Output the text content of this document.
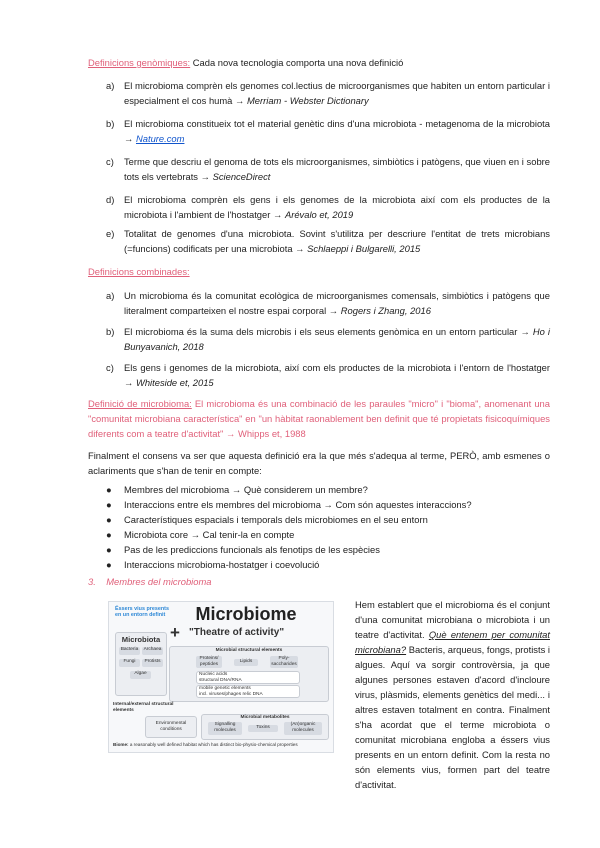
Definicions genòmiques: Cada nova tecnologia comporta una nova definició
a) El microbioma comprèn els genomes col.lectius de microorganismes que habiten un entorn particular i especialment el cos humà → Merriam - Webster Dictionary
b) El microbioma constitueix tot el material genètic dins d'una microbiota - metagenoma de la microbiota → Nature.com
c) Terme que descriu el genoma de tots els microorganismes, simbiòtics i patògens, que viuen en i sobre tots els vertebrats → ScienceDirect
d) El microbioma comprèn els gens i els genomes de la microbiota així com els productes de la microbiota i l'ambient de l'hostatger → Arévalo et, 2019
e) Totalitat de genomes d'una microbiota. Sovint s'utilitza per descriure l'entitat de trets microbians (=funcions) codificats per una microbiota → Schlaeppi i Bulgarelli, 2015
Definicions combinades:
a) Un microbioma és la comunitat ecològica de microorganismes comensals, simbiòtics i patògens que literalment comparteixen el nostre espai corporal → Rogers i Zhang, 2016
b) El microbioma és la suma dels microbis i els seus elements genòmica en un entorn particular → Ho i Bunyavanich, 2018
c) Els gens i genomes de la microbiota, així com els productes de la microbiota i l'entorn de l'hostatger → Whiteside et, 2015
Definició de microbioma: El microbioma és una combinació de les paraules "micro" i "bioma", anomenant una "comunitat microbiana característica" en "un hàbitat raonablement ben definit que té propietats fisicoquímiques diferents com a teatre d'activitat" → Whipps et, 1988
Finalment el consens va ser que aquesta definició era la que més s'adequa al terme, PERÒ, amb esmenes o aclariments que s'han de tenir en compte:
● Membres del microbioma → Què considerem un membre?
● Interaccions entre els membres del microbioma → Com són aquestes interaccions?
● Característiques espacials i temporals dels microbiomes en el seu entorn
● Microbiota core → Cal tenir-la en compte
● Pas de les prediccions funcionals als fenotips de les espècies
● Interaccions microbioma-hostatger i coevolució
3. Membres del microbioma
Éssers vius presents en un entorn definit	Microbiome
+ "Theatre of activity"
Microbiota
Bacteria	Archaea
Fungi	Protists
Algae
Microbial structural elements
Proteins/ peptides
Lipids
Poly- saccharides
Nucleic acids
structural DNA/RNA
mobile genetic elements
incl. viruses/phages relic DNA
Internal/external structural elements
Microbial metabolites
Signalling molecules
Toxins
(An)organic molecules
Environmental conditions
Biome: a reasonably well defined habitat which has distinct bio-physio-chemical properties
Hem establert que el microbioma és el conjunt d'una comunitat microbiana o microbiota i un teatre d'activitat. Què entenem per comunitat microbiana? Bacteris, arqueus, fongs, protists i algues. Aquí va sorgir controvèrsia, ja que algunes persones estaven d'acord d'incloure virus, plàsmids, elements genètics del medi... i altres estaven totalment en contra. Finalment s'ha acordat que el terme microbiota o comunitat microbiana engloba a éssers vius presents en un entorn definit. Com la resta no són elements vius, formen part del teatre d'activitat.
